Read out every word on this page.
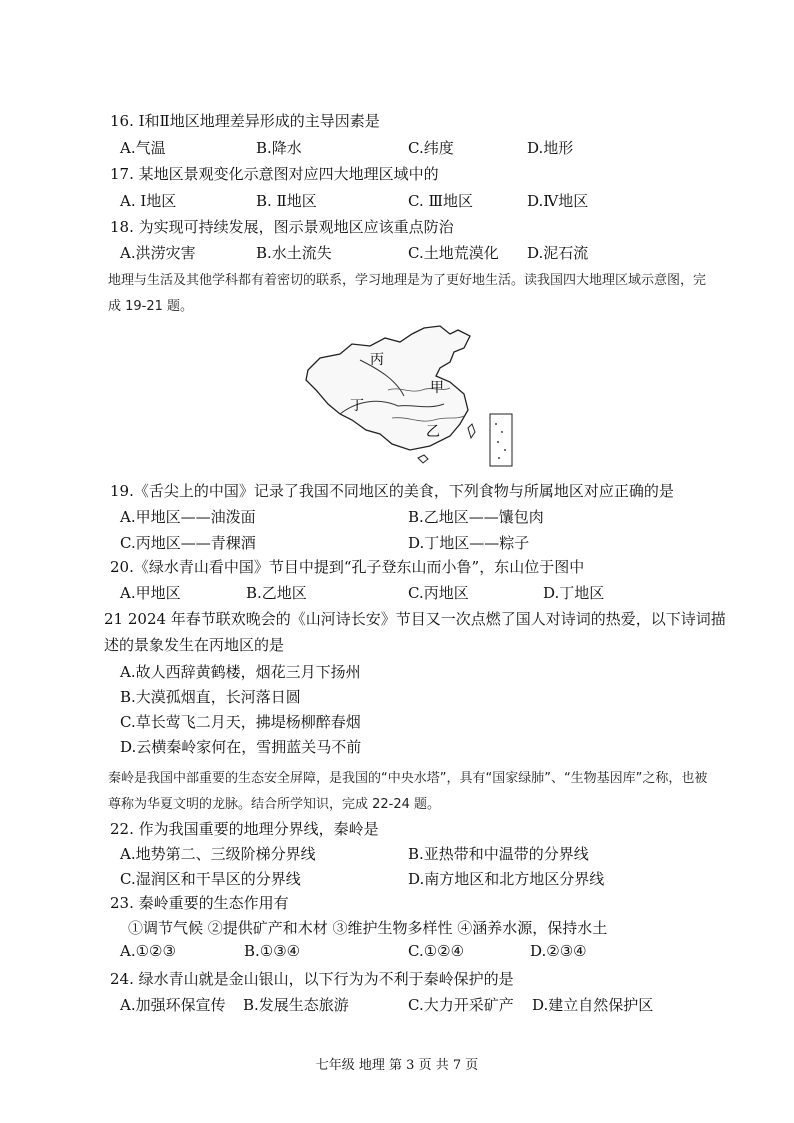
16. Ⅰ和Ⅱ地区地理差异形成的主导因素是
A.气温	B.降水	C.纬度	D.地形
17. 某地区景观变化示意图对应四大地理区域中的
A. Ⅰ地区	B. Ⅱ地区	C. Ⅲ地区	D.Ⅳ地区
18. 为实现可持续发展，图示景观地区应该重点防治
A.洪涝灾害	B.水土流失	C.土地荒漠化 D.泥石流
地理与生活及其他学科都有着密切的联系，学习地理是为了更好地生活。读我国四大地理区域示意图，完成 19-21 题。
丙
甲
丁
乙
19.《舌尖上的中国》记录了我国不同地区的美食，下列食物与所属地区对应正确的是
A.甲地区——油泼面	B.乙地区——馕包肉
C.丙地区——青稞酒	D.丁地区——粽子
20.《绿水青山看中国》节目中提到“孔子登东山而小鲁”，东山位于图中
A.甲地区	B.乙地区	C.丙地区	D.丁地区
21 2024 年春节联欢晚会的《山河诗长安》节目又一次点燃了国人对诗词的热爱，以下诗词描
述的景象发生在丙地区的是
A.故人西辞黄鹤楼，烟花三月下扬州
B.大漠孤烟直，长河落日圆
C.草长莺飞二月天，拂堤杨柳醉春烟
D.云横秦岭家何在，雪拥蓝关马不前
秦岭是我国中部重要的生态安全屏障，是我国的“中央水塔”，具有“国家绿肺”、“生物基因库”之称，也被尊称为华夏文明的龙脉。结合所学知识，完成 22-24 题。
22. 作为我国重要的地理分界线，秦岭是
A.地势第二、三级阶梯分界线	B.亚热带和中温带的分界线
C.湿润区和干旱区的分界线	D.南方地区和北方地区分界线
23. 秦岭重要的生态作用有
①调节气候 ②提供矿产和木材 ③维护生物多样性 ④涵养水源，保持水土
A.①②③	B.①③④	C.①②④	D.②③④
24. 绿水青山就是金山银山，以下行为为不利于秦岭保护的是
A.加强环保宣传 B.发展生态旅游	C.大力开采矿产 D.建立自然保护区
七年级 地理 第 3 页 共 7 页
